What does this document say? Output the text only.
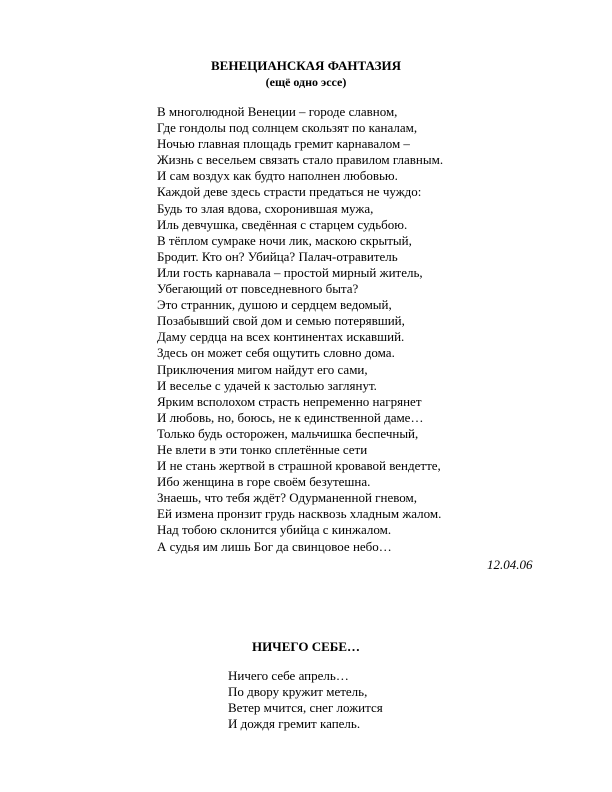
ВЕНЕЦИАНСКАЯ ФАНТАЗИЯ
(ещё одно эссе)
В многолюдной Венеции – городе славном,
Где гондолы под солнцем скользят по каналам,
Ночью главная площадь гремит карнавалом –
Жизнь с весельем связать стало правилом главным.
И сам воздух как будто наполнен любовью.
Каждой деве здесь страсти предаться не чуждо:
Будь то злая вдова, схоронившая мужа,
Иль девчушка, сведённая с старцем судьбою.
В тёплом сумраке ночи лик, маскою скрытый,
Бродит. Кто он? Убийца? Палач-отравитель
Или гость карнавала – простой мирный житель,
Убегающий от повседневного быта?
Это странник, душою и сердцем ведомый,
Позабывший свой дом и семью потерявший,
Даму сердца на всех континентах искавший.
Здесь он может себя ощутить словно дома.
Приключения мигом найдут его сами,
И веселье с удачей к застолью заглянут.
Ярким всполохом страсть непременно нагрянет
И любовь, но, боюсь, не к единственной даме…
Только будь осторожен, мальчишка беспечный,
Не влети в эти тонко сплетённые сети
И не стань жертвой в страшной кровавой вендетте,
Ибо женщина в горе своём безутешна.
Знаешь, что тебя ждёт? Одурманенной гневом,
Ей измена пронзит грудь насквозь хладным жалом.
Над тобою склонится убийца с кинжалом.
А судья им лишь Бог да свинцовое небо…

12.04.06

НИЧЕГО СЕБЕ…
Ничего себе апрель…
По двору кружит метель,
Ветер мчится, снег ложится
И дождя гремит капель.
